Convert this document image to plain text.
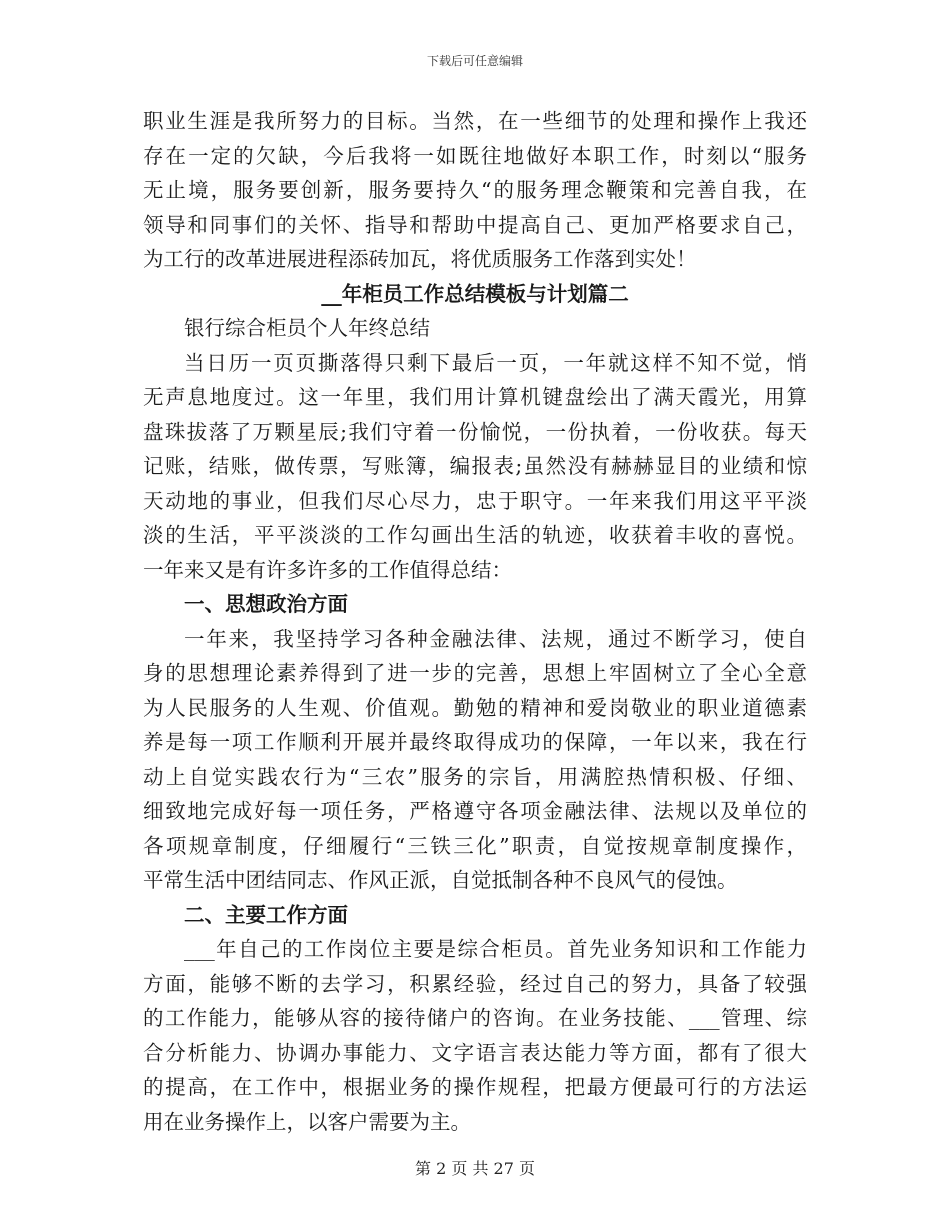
下载后可任意编辑
职业生涯是我所努力的目标。当然，在一些细节的处理和操作上我还
存在一定的欠缺，今后我将一如既往地做好本职工作，时刻以“服务
无止境，服务要创新，服务要持久“的服务理念鞭策和完善自我，在
领导和同事们的关怀、指导和帮助中提高自己、更加严格要求自己，
为工行的改革进展进程添砖加瓦，将优质服务工作落到实处！
__年柜员工作总结模板与计划篇二
银行综合柜员个人年终总结
当日历一页页撕落得只剩下最后一页，一年就这样不知不觉，悄
无声息地度过。这一年里，我们用计算机键盘绘出了满天霞光，用算
盘珠拔落了万颗星辰;我们守着一份愉悦，一份执着，一份收获。每天
记账，结账，做传票，写账簿，编报表;虽然没有赫赫显目的业绩和惊
天动地的事业，但我们尽心尽力，忠于职守。一年来我们用这平平淡
淡的生活，平平淡淡的工作勾画出生活的轨迹，收获着丰收的喜悦。
一年来又是有许多许多的工作值得总结：
一、思想政治方面
一年来，我坚持学习各种金融法律、法规，通过不断学习，使自
身的思想理论素养得到了进一步的完善，思想上牢固树立了全心全意
为人民服务的人生观、价值观。勤勉的精神和爱岗敬业的职业道德素
养是每一项工作顺利开展并最终取得成功的保障，一年以来，我在行
动上自觉实践农行为“三农”服务的宗旨，用满腔热情积极、仔细、
细致地完成好每一项任务，严格遵守各项金融法律、法规以及单位的
各项规章制度，仔细履行“三铁三化”职责，自觉按规章制度操作，
平常生活中团结同志、作风正派，自觉抵制各种不良风气的侵蚀。
二、主要工作方面
___年自己的工作岗位主要是综合柜员。首先业务知识和工作能力
方面，能够不断的去学习，积累经验，经过自己的努力，具备了较强
的工作能力，能够从容的接待储户的咨询。在业务技能、___管理、综
合分析能力、协调办事能力、文字语言表达能力等方面，都有了很大
的提高，在工作中，根据业务的操作规程，把最方便最可行的方法运
用在业务操作上，以客户需要为主。
第 2 页 共 27 页
